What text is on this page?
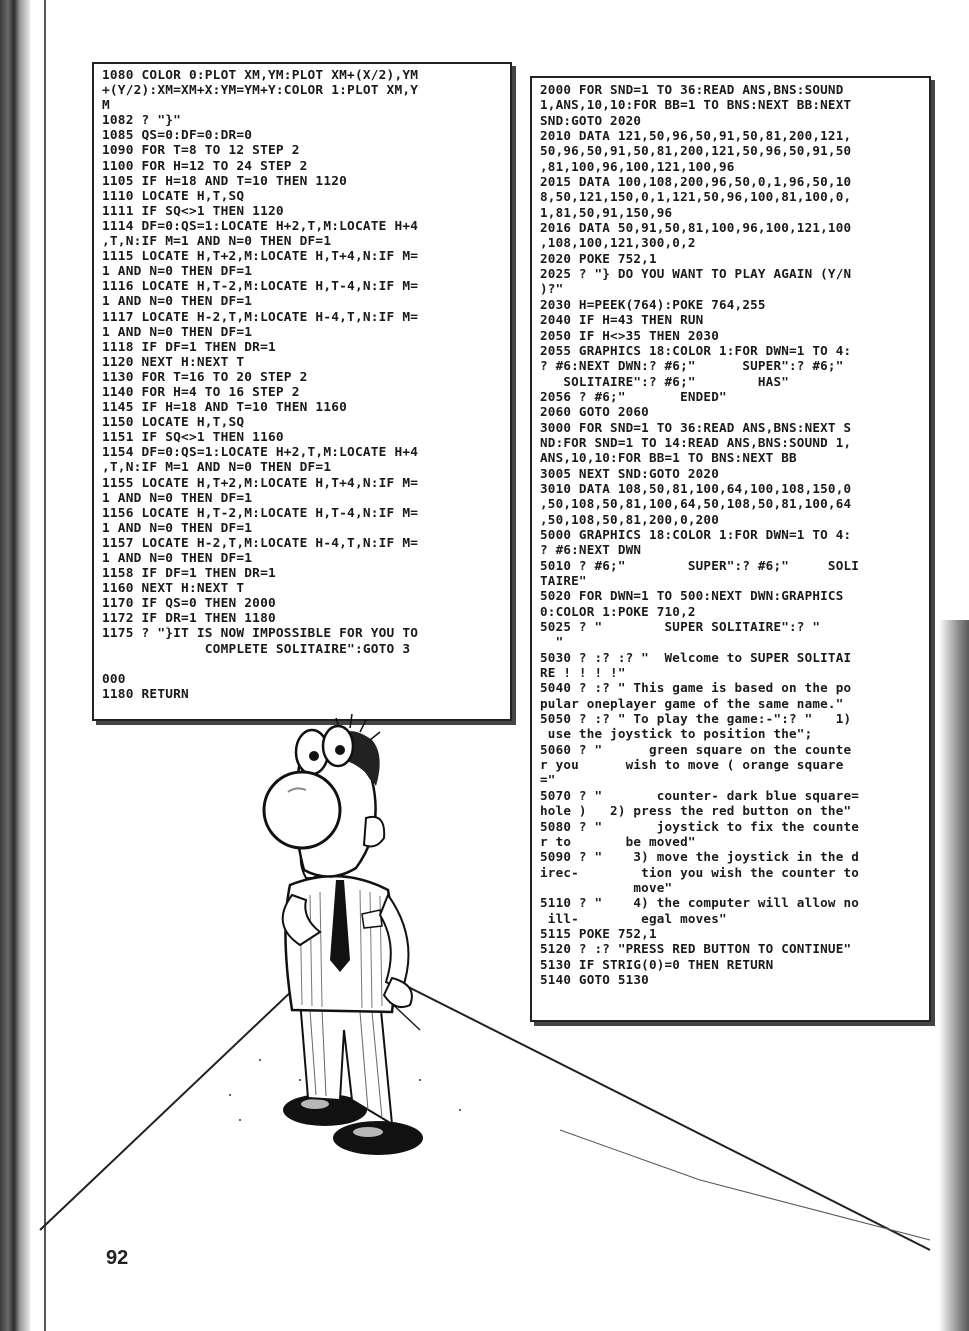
1080 COLOR 0:PLOT XM,YM:PLOT XM+(X/2),YM
+(Y/2):XM=XM+X:YM=YM+Y:COLOR 1:PLOT XM,Y
M
1082 ? "}"
1085 QS=0:DF=0:DR=0
1090 FOR T=8 TO 12 STEP 2
1100 FOR H=12 TO 24 STEP 2
1105 IF H=18 AND T=10 THEN 1120
1110 LOCATE H,T,SQ
1111 IF SQ<>1 THEN 1120
1114 DF=0:QS=1:LOCATE H+2,T,M:LOCATE H+4
,T,N:IF M=1 AND N=0 THEN DF=1
1115 LOCATE H,T+2,M:LOCATE H,T+4,N:IF M=
1 AND N=0 THEN DF=1
1116 LOCATE H,T-2,M:LOCATE H,T-4,N:IF M=
1 AND N=0 THEN DF=1
1117 LOCATE H-2,T,M:LOCATE H-4,T,N:IF M=
1 AND N=0 THEN DF=1
1118 IF DF=1 THEN DR=1
1120 NEXT H:NEXT T
1130 FOR T=16 TO 20 STEP 2
1140 FOR H=4 TO 16 STEP 2
1145 IF H=18 AND T=10 THEN 1160
1150 LOCATE H,T,SQ
1151 IF SQ<>1 THEN 1160
1154 DF=0:QS=1:LOCATE H+2,T,M:LOCATE H+4
,T,N:IF M=1 AND N=0 THEN DF=1
1155 LOCATE H,T+2,M:LOCATE H,T+4,N:IF M=
1 AND N=0 THEN DF=1
1156 LOCATE H,T-2,M:LOCATE H,T-4,N:IF M=
1 AND N=0 THEN DF=1
1157 LOCATE H-2,T,M:LOCATE H-4,T,N:IF M=
1 AND N=0 THEN DF=1
1158 IF DF=1 THEN DR=1
1160 NEXT H:NEXT T
1170 IF QS=0 THEN 2000
1172 IF DR=1 THEN 1180
1175 ? "}IT IS NOW IMPOSSIBLE FOR YOU TO
COMPLETE SOLITAIRE":GOTO 3

000
1180 RETURN
2000 FOR SND=1 TO 36:READ ANS,BNS:SOUND
1,ANS,10,10:FOR BB=1 TO BNS:NEXT BB:NEXT
SND:GOTO 2020
2010 DATA 121,50,96,50,91,50,81,200,121,
50,96,50,91,50,81,200,121,50,96,50,91,50
,81,100,96,100,121,100,96
2015 DATA 100,108,200,96,50,0,1,96,50,10
8,50,121,150,0,1,121,50,96,100,81,100,0,
1,81,50,91,150,96
2016 DATA 50,91,50,81,100,96,100,121,100
,108,100,121,300,0,2
2020 POKE 752,1
2025 ? "} DO YOU WANT TO PLAY AGAIN (Y/N
)?"
2030 H=PEEK(764):POKE 764,255
2040 IF H=43 THEN RUN
2050 IF H<>35 THEN 2030
2055 GRAPHICS 18:COLOR 1:FOR DWN=1 TO 4:
? #6:NEXT DWN:? #6;"      SUPER":? #6;"
SOLITAIRE":? #6;"        HAS"
2056 ? #6;"       ENDED"
2060 GOTO 2060
3000 FOR SND=1 TO 36:READ ANS,BNS:NEXT S
ND:FOR SND=1 TO 14:READ ANS,BNS:SOUND 1,
ANS,10,10:FOR BB=1 TO BNS:NEXT BB
3005 NEXT SND:GOTO 2020
3010 DATA 108,50,81,100,64,100,108,150,0
,50,108,50,81,100,64,50,108,50,81,100,64
,50,108,50,81,200,0,200
5000 GRAPHICS 18:COLOR 1:FOR DWN=1 TO 4:
? #6:NEXT DWN
5010 ? #6;"        SUPER":? #6;"     SOLI
TAIRE"
5020 FOR DWN=1 TO 500:NEXT DWN:GRAPHICS
0:COLOR 1:POKE 710,2
5025 ? "        SUPER SOLITAIRE":? "
"
5030 ? :? :? "  Welcome to SUPER SOLITAI
RE ! ! ! !"
5040 ? :? " This game is based on the po
pular oneplayer game of the same name."
5050 ? :? " To play the game:-":? "   1)
use the joystick to position the";
5060 ? "      green square on the counte
r you      wish to move ( orange square
="
5070 ? "       counter- dark blue square=
hole )   2) press the red button on the"
5080 ? "       joystick to fix the counte
r to       be moved"
5090 ? "    3) move the joystick in the d
irec-        tion you wish the counter to
move"
5110 ? "    4) the computer will allow no
ill-        egal moves"
5115 POKE 752,1
5120 ? :? "PRESS RED BUTTON TO CONTINUE"
5130 IF STRIG(0)=0 THEN RETURN
5140 GOTO 5130
92
